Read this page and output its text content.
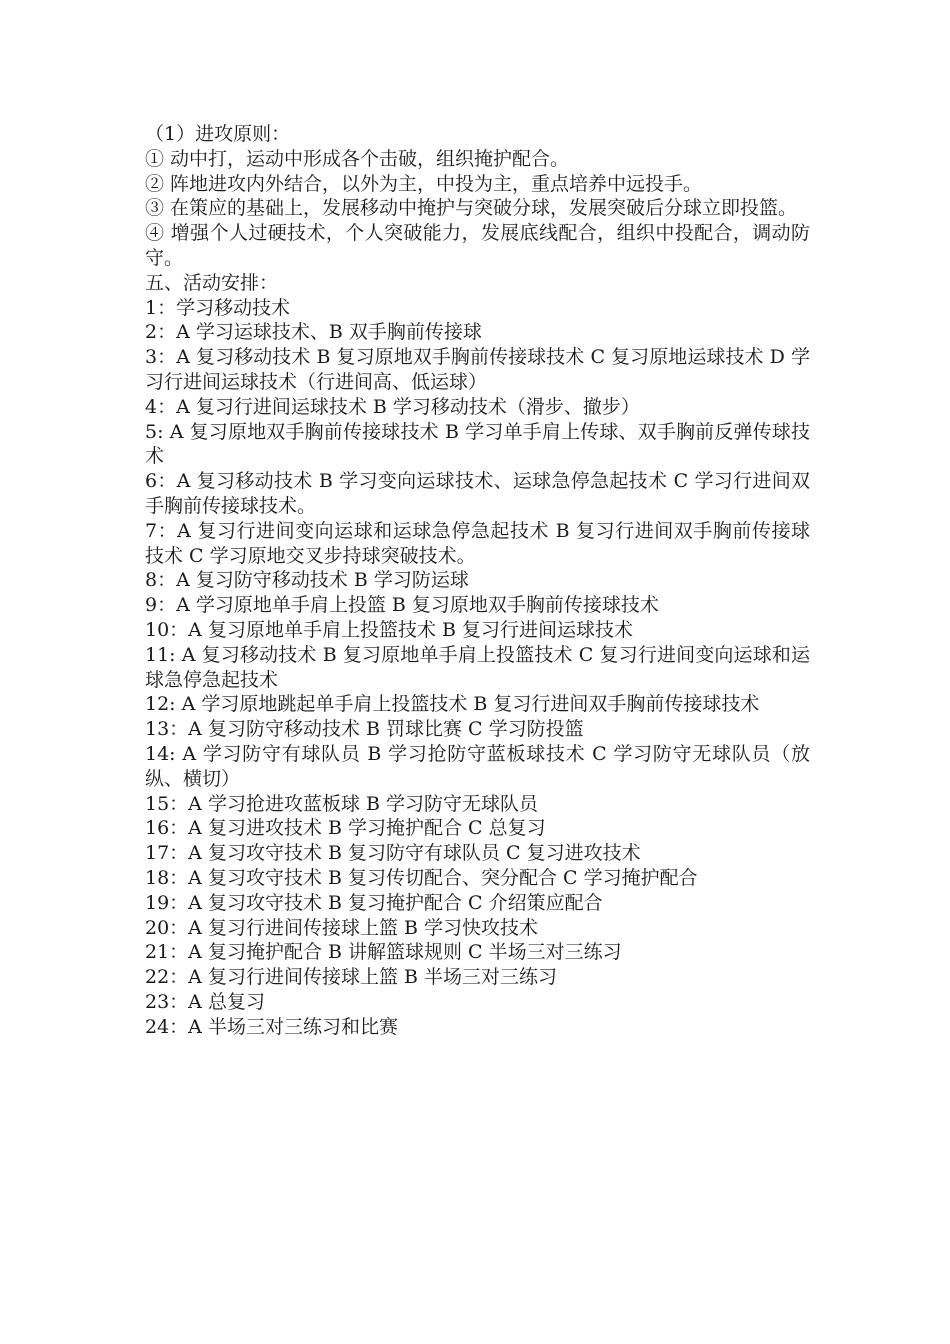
（1）进攻原则：

① 动中打，运动中形成各个击破，组织掩护配合。

② 阵地进攻内外结合，以外为主，中投为主，重点培养中远投手。

③ 在策应的基础上，发展移动中掩护与突破分球，发展突破后分球立即投篮。

④ 增强个人过硬技术，个人突破能力，发展底线配合，组织中投配合，调动防守。

五、活动安排：

1：学习移动技术

2：A 学习运球技术、B 双手胸前传接球

3：A 复习移动技术 B 复习原地双手胸前传接球技术 C 复习原地运球技术 D 学习行进间运球技术（行进间高、低运球）

4：A 复习行进间运球技术 B 学习移动技术（滑步、撤步）

5: A 复习原地双手胸前传接球技术 B 学习单手肩上传球、双手胸前反弹传球技术

6：A 复习移动技术 B 学习变向运球技术、运球急停急起技术 C 学习行进间双手胸前传接球技术。

7：A 复习行进间变向运球和运球急停急起技术 B 复习行进间双手胸前传接球技术 C 学习原地交叉步持球突破技术。

8：A 复习防守移动技术 B 学习防运球

9：A 学习原地单手肩上投篮 B 复习原地双手胸前传接球技术

10：A 复习原地单手肩上投篮技术 B 复习行进间运球技术

11: A 复习移动技术 B 复习原地单手肩上投篮技术 C 复习行进间变向运球和运球急停急起技术

12: A 学习原地跳起单手肩上投篮技术 B 复习行进间双手胸前传接球技术

13：A 复习防守移动技术 B 罚球比赛 C 学习防投篮

14: A 学习防守有球队员 B 学习抢防守蓝板球技术 C 学习防守无球队员（放纵、横切）

15：A 学习抢进攻蓝板球 B 学习防守无球队员

16：A 复习进攻技术 B 学习掩护配合 C 总复习

17：A 复习攻守技术 B 复习防守有球队员 C 复习进攻技术

18：A 复习攻守技术 B 复习传切配合、突分配合 C 学习掩护配合

19：A 复习攻守技术 B 复习掩护配合 C 介绍策应配合

20：A 复习行进间传接球上篮 B 学习快攻技术

21：A 复习掩护配合 B 讲解篮球规则 C 半场三对三练习

22：A 复习行进间传接球上篮 B 半场三对三练习

23：A 总复习

24：A 半场三对三练习和比赛
